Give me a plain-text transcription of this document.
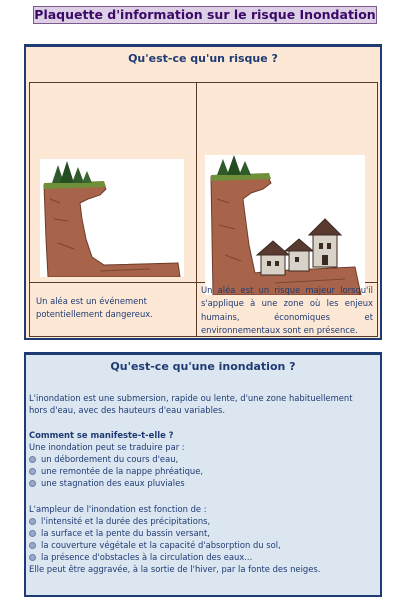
Plaquette d'information sur le risque Inondation
Qu'est-ce qu'un risque ?
Un aléa est un événement potentiellement dangereux.
Un aléa est un risque majeur lorsqu'il s'applique à une zone où les enjeux humains, économiques et environnementaux sont en présence.
Qu'est-ce qu'une inondation ?
L'inondation est une submersion, rapide ou lente, d'une zone habituellement
hors d'eau, avec des hauteurs d'eau variables.
Comment se manifeste-t-elle ?
Une inondation peut se traduire par :
un débordement du cours d'eau,
une remontée de la nappe phréatique,
une stagnation des eaux pluviales
L'ampleur de l'inondation est fonction de :
l'intensité et la durée des précipitations,
la surface et la pente du bassin versant,
la couverture végétale et la capacité d'absorption du sol,
la présence d'obstacles à la circulation des eaux...
Elle peut être aggravée, à la sortie de l'hiver, par la fonte des neiges.
